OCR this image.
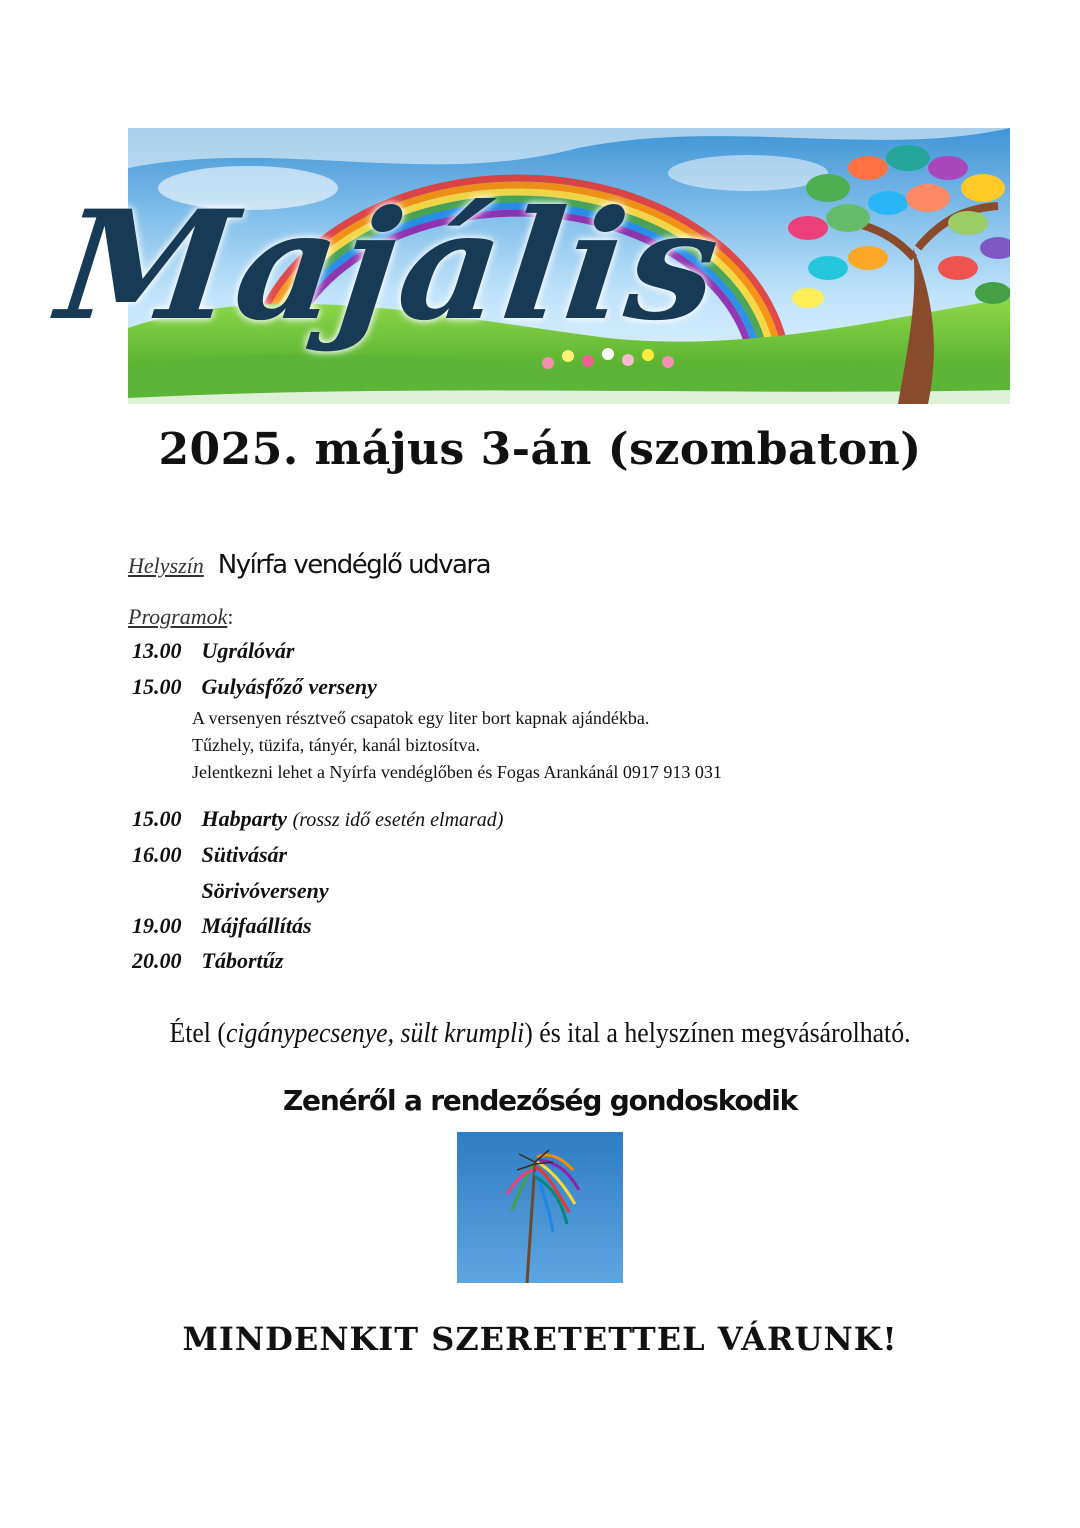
Majális
2025. május 3-án (szombaton)
Helyszín Nyírfa vendéglő udvara
Programok:
13.00 Ugrálóvár
15.00 Gulyásfőző verseny
A versenyen résztveő csapatok egy liter bort kapnak ajándékba.
Tűzhely, tüzifa, tányér, kanál biztosítva.
Jelentkezni lehet a Nyírfa vendéglőben és Fogas Arankánál 0917 913 031
15.00 Habparty (rossz idő esetén elmarad)
16.00 Sütivásár
Sörivóverseny
19.00 Májfaállítás
20.00 Tábortűz
Étel (cigánypecsenye, sült krumpli) és ital a helyszínen megvásárolható.
Zenéről a rendezőség gondoskodik
MINDENKIT SZERETETTEL VÁRUNK!
